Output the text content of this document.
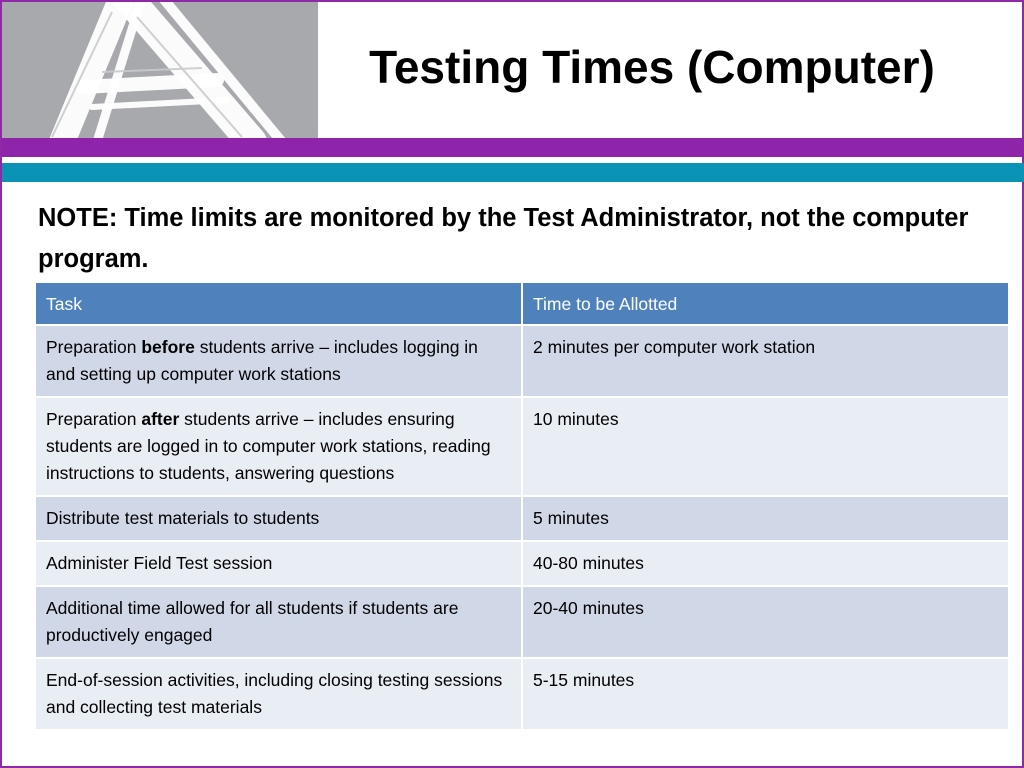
Testing Times (Computer)
NOTE: Time limits are monitored by the Test Administrator, not the computer program.
Task	Time to be Allotted
Preparation before students arrive – includes logging in and setting up computer work stations	2 minutes per computer work station
Preparation after students arrive – includes ensuring students are logged in to computer work stations, reading instructions to students, answering questions	10 minutes
Distribute test materials to students	5 minutes
Administer Field Test session	40-80 minutes
Additional time allowed for all students if students are productively engaged	20-40 minutes
End-of-session activities, including closing testing sessions and collecting test materials	5-15 minutes
